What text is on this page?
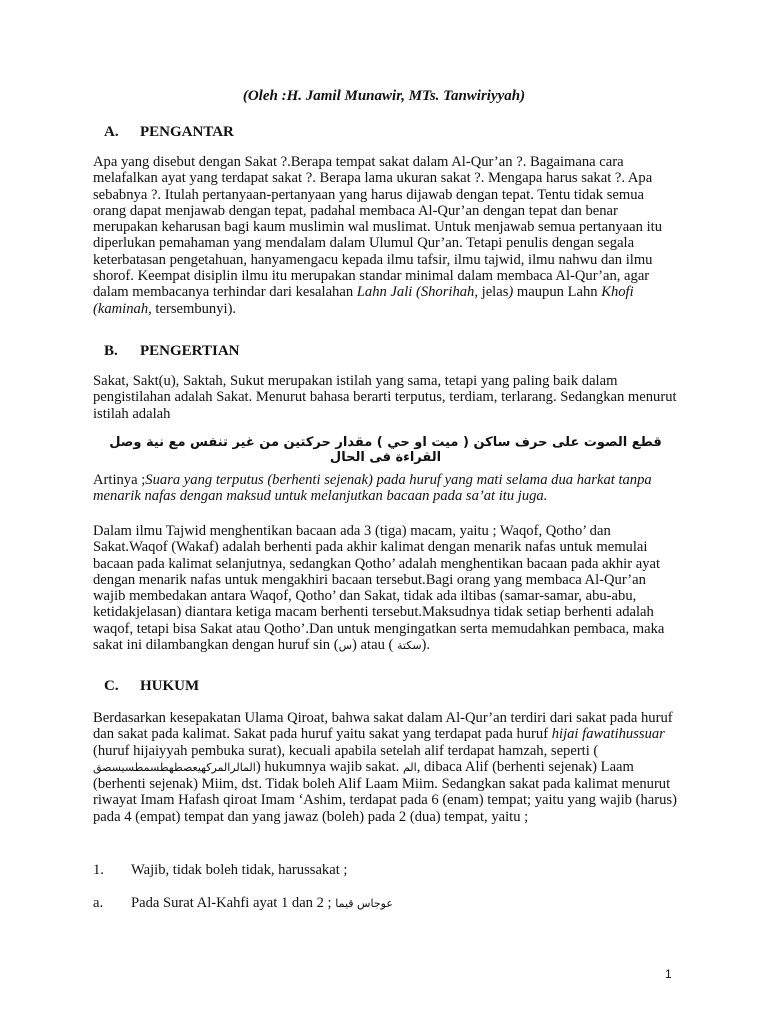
(Oleh :H. Jamil Munawir, MTs. Tanwiriyyah)
A. PENGANTAR
Apa yang disebut dengan Sakat ?.Berapa tempat sakat dalam Al-Qur’an ?. Bagaimana cara melafalkan ayat yang terdapat sakat ?. Berapa lama ukuran sakat ?. Mengapa harus sakat ?. Apa sebabnya ?. Itulah pertanyaan-pertanyaan yang harus dijawab dengan tepat. Tentu tidak semua orang dapat menjawab dengan tepat, padahal membaca Al-Qur’an dengan tepat dan benar merupakan keharusan bagi kaum muslimin wal muslimat. Untuk menjawab semua pertanyaan itu diperlukan pemahaman yang mendalam dalam Ulumul Qur’an. Tetapi penulis dengan segala keterbatasan pengetahuan, hanyamengacu kepada ilmu tafsir, ilmu tajwid, ilmu nahwu dan ilmu shorof. Keempat disiplin ilmu itu merupakan standar minimal dalam membaca Al-Qur’an, agar dalam membacanya terhindar dari kesalahan Lahn Jali (Shorihah, jelas) maupun Lahn Khofi (kaminah, tersembunyi).
B. PENGERTIAN
Sakat, Sakt(u), Saktah, Sukut merupakan istilah yang sama, tetapi yang paling baik dalam pengistilahan adalah Sakat. Menurut bahasa berarti terputus, terdiam, terlarang. Sedangkan menurut istilah adalah
قطع الصوت على حرف ساكن ( ميت او حي ) مقدار حركتين من غير تنفس مع نية وصل القراءة فى الحال
Artinya ;Suara yang terputus (berhenti sejenak) pada huruf yang mati selama dua harkat tanpa menarik nafas dengan maksud untuk melanjutkan bacaan pada sa’at itu juga.
Dalam ilmu Tajwid menghentikan bacaan ada 3 (tiga) macam, yaitu ; Waqof, Qotho’ dan Sakat.Waqof (Wakaf) adalah berhenti pada akhir kalimat dengan menarik nafas untuk memulai bacaan pada kalimat selanjutnya, sedangkan Qotho’ adalah menghentikan bacaan pada akhir ayat dengan menarik nafas untuk mengakhiri bacaan tersebut.Bagi orang yang membaca Al-Qur’an wajib membedakan antara Waqof, Qotho’ dan Sakat, tidak ada iltibas (samar-samar, abu-abu, ketidakjelasan) diantara ketiga macam berhenti tersebut.Maksudnya tidak setiap berhenti adalah waqof, tetapi bisa Sakat atau Qotho’.Dan untuk mengingatkan serta memudahkan pembaca, maka sakat ini dilambangkan dengan huruf sin (س) atau ( سكتة).
C. HUKUM
Berdasarkan kesepakatan Ulama Qiroat, bahwa sakat dalam Al-Qur’an terdiri dari sakat pada huruf dan sakat pada kalimat. Sakat pada huruf yaitu sakat yang terdapat pada huruf hijai fawatihussuar (huruf hijaiyyah pembuka surat), kecuali apabila setelah alif terdapat hamzah, seperti ( المالرالمركهيعصطهطسمطسيسصق) hukumnya wajib sakat. الم, dibaca Alif (berhenti sejenak) Laam (berhenti sejenak) Miim, dst. Tidak boleh Alif Laam Miim. Sedangkan sakat pada kalimat menurut riwayat Imam Hafash qiroat Imam ‘Ashim, terdapat pada 6 (enam) tempat; yaitu yang wajib (harus) pada 4 (empat) tempat dan yang jawaz (boleh) pada 2 (dua) tempat, yaitu ;
1. Wajib, tidak boleh tidak, harussakat ;
a. Pada Surat Al-Kahfi ayat 1 dan 2 ; عوجاس قيما
1
